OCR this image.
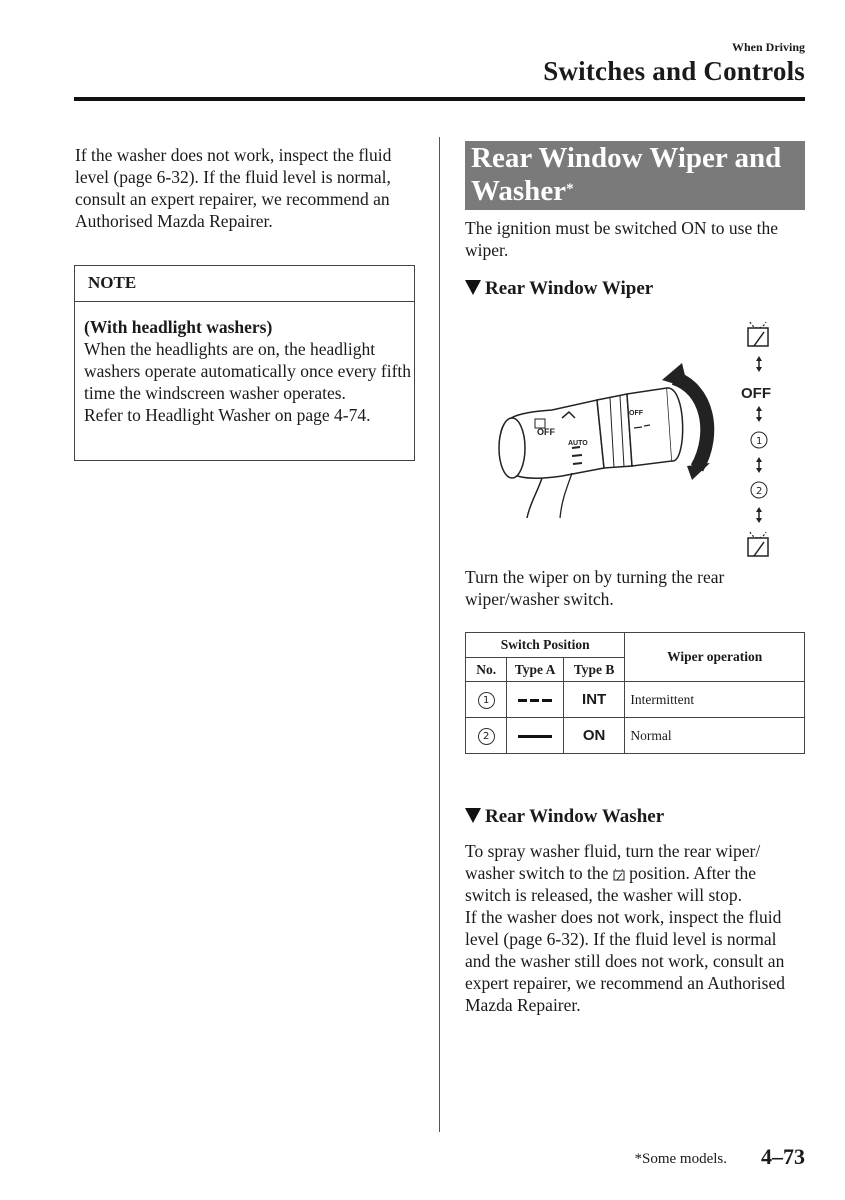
When Driving
Switches and Controls
If the washer does not work, inspect the fluid level (page 6-32). If the fluid level is normal, consult an expert repairer, we recommend an Authorised Mazda Repairer.
NOTE
(With headlight washers)
When the headlights are on, the headlight washers operate automatically once every fifth time the windscreen washer operates.
Refer to Headlight Washer on page 4-74.
Rear Window Wiper and Washer*
The ignition must be switched ON to use the wiper.
Rear Window Wiper
OFF
AUTO
OFF
OFF
1
2
Turn the wiper on by turning the rear wiper/washer switch.
Switch Position			Wiper operation
No.	Type A	Type B	
1		INT	Intermittent
2		ON	Normal
Rear Window Washer
To spray washer fluid, turn the rear wiper/ washer switch to the position. After the switch is released, the washer will stop.
If the washer does not work, inspect the fluid level (page 6-32). If the fluid level is normal and the washer still does not work, consult an expert repairer, we recommend an Authorised Mazda Repairer.
*Some models. 4–73
